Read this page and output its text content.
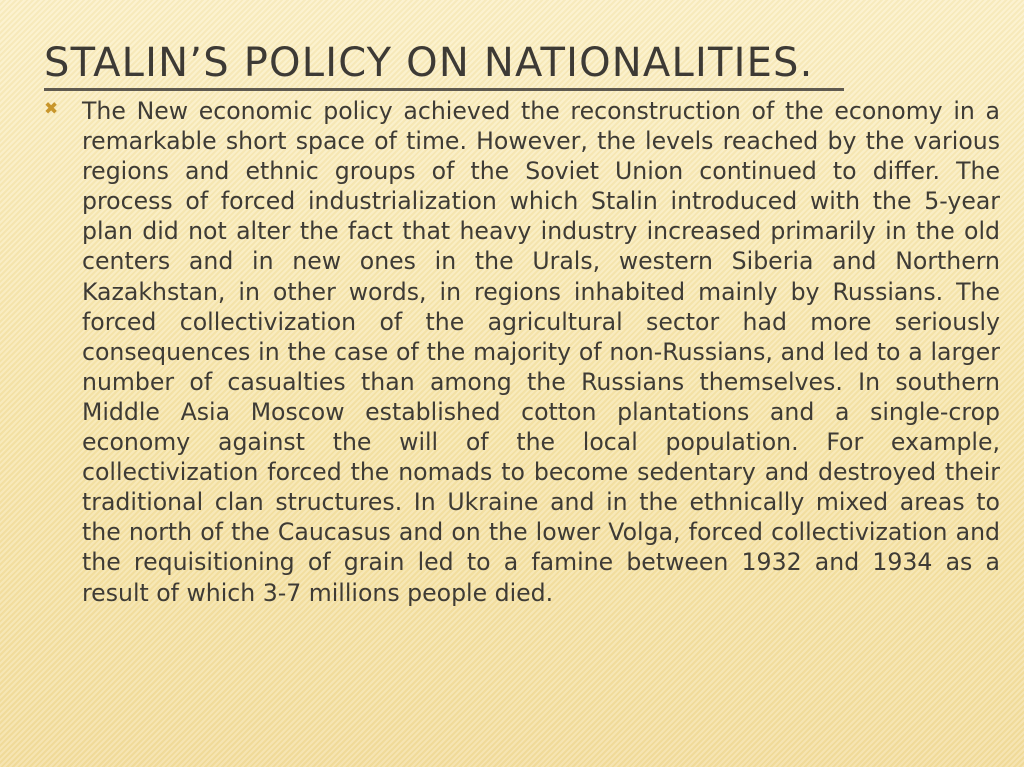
STALIN’S POLICY ON NATIONALITIES.
✖ The New economic policy achieved the reconstruction of the economy in a remarkable short space of time. However, the levels reached by the various regions and ethnic groups of the Soviet Union continued to differ. The process of forced industrialization which Stalin introduced with the 5-year plan did not alter the fact that heavy industry increased primarily in the old centers and in new ones in the Urals, western Siberia and Northern Kazakhstan, in other words, in regions inhabited mainly by Russians. The forced collectivization of the agricultural sector had more seriously consequences in the case of the majority of non-Russians, and led to a larger number of casualties than among the Russians themselves. In southern Middle Asia Moscow established cotton plantations and a single-crop economy against the will of the local population. For example, collectivization forced the nomads to become sedentary and destroyed their traditional clan structures. In Ukraine and in the ethnically mixed areas to the north of the Caucasus and on the lower Volga, forced collectivization and the requisitioning of grain led to a famine between 1932 and 1934 as a result of which 3-7 millions people died.
